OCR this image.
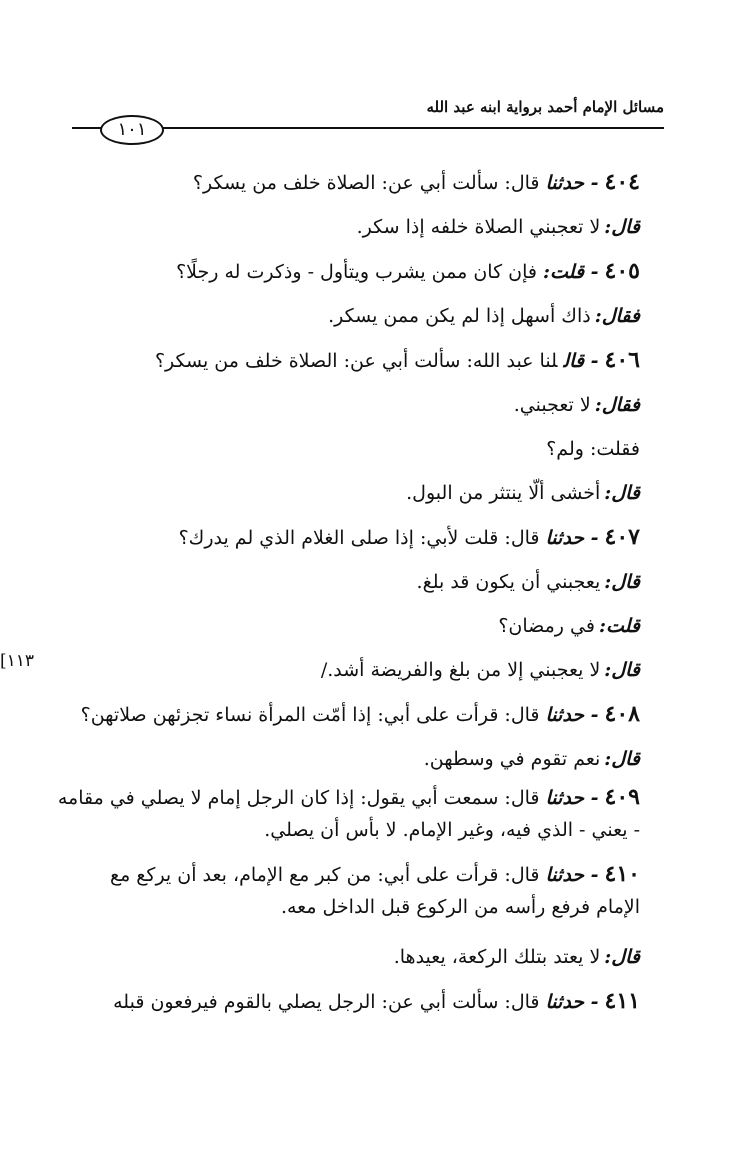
مسائل الإمام أحمد برواية ابنه عبد الله
١٠١
١١٣]
٤٠٤- حدثناقال: سألت أبي عن: الصلاة خلف من يسكر؟
قال:لا تعجبني الصلاة خلفه إذا سكر.
٤٠٥- قلت:فإن كان ممن يشرب ويتأول - وذكرت له رجلًا؟
فقال:ذاك أسهل إذا لم يكن ممن يسكر.
٤٠٦- قاللنا عبد الله: سألت أبي عن: الصلاة خلف من يسكر؟
فقال:لا تعجبني.
فقلت: ولم؟
قال:أخشى ألّا ينتثر من البول.
٤٠٧- حدثناقال: قلت لأبي: إذا صلى الغلام الذي لم يدرك؟
قال:يعجبني أن يكون قد بلغ.
قلت:في رمضان؟
قال:لا يعجبني إلا من بلغ والفريضة أشد./
٤٠٨- حدثناقال: قرأت على أبي: إذا أمّت المرأة نساء تجزئهن صلاتهن؟
قال:نعم تقوم في وسطهن.
٤٠٩- حدثناقال: سمعت أبي يقول: إذا كان الرجل إمام لا يصلي في مقامه
- يعني - الذي فيه، وغير الإمام. لا بأس أن يصلي.
٤١٠- حدثناقال: قرأت على أبي: من كبر مع الإمام، بعد أن يركع مع
الإمام فرفع رأسه من الركوع قبل الداخل معه.
قال:لا يعتد بتلك الركعة، يعيدها.
٤١١- حدثناقال: سألت أبي عن: الرجل يصلي بالقوم فيرفعون قبله
